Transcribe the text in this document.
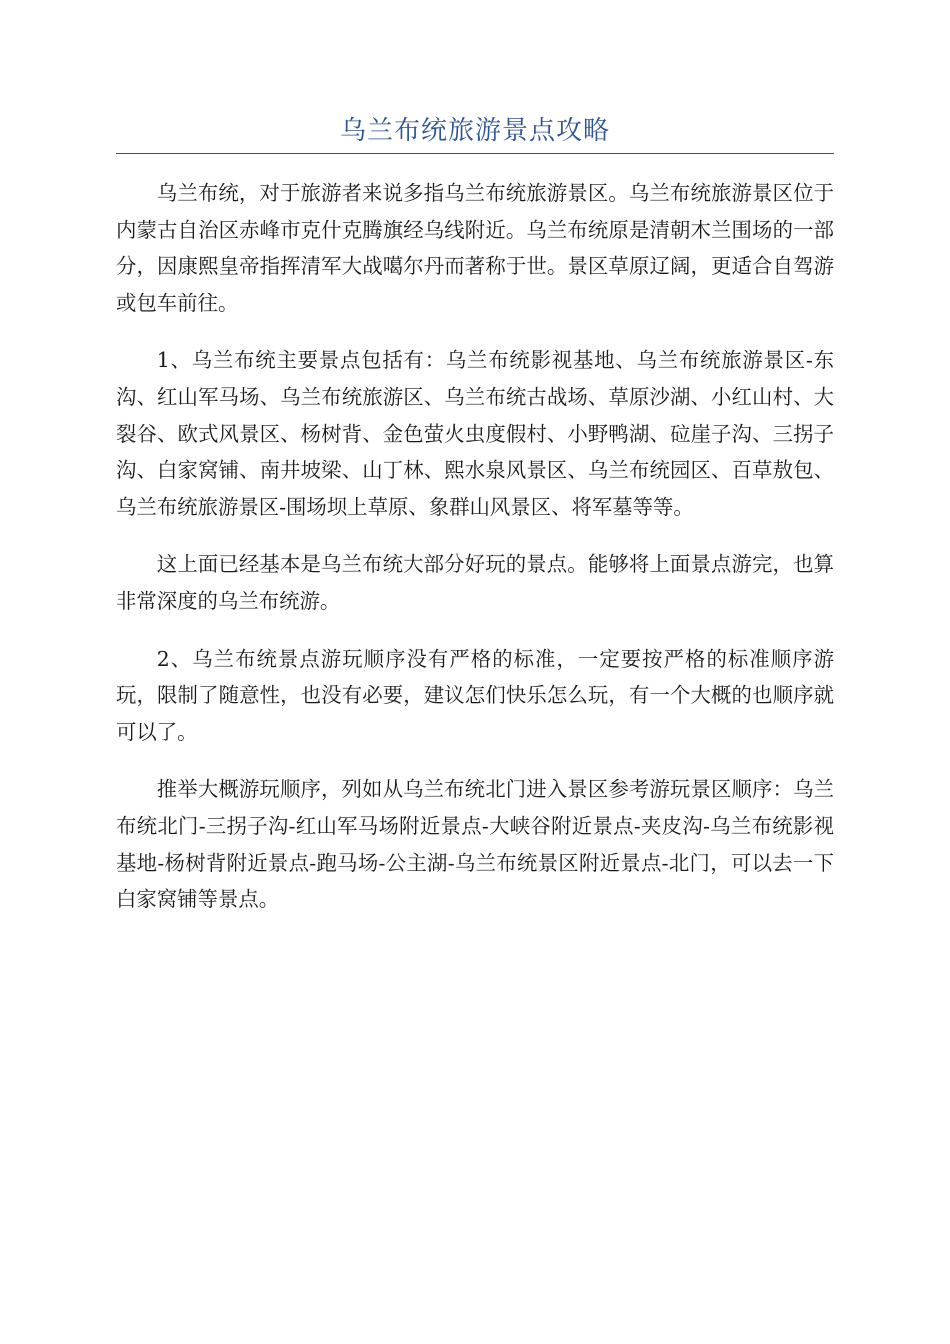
乌兰布统旅游景点攻略

乌兰布统，对于旅游者来说多指乌兰布统旅游景区。乌兰布统旅游景区位于内蒙古自治区赤峰市克什克腾旗经乌线附近。乌兰布统原是清朝木兰围场的一部分，因康熙皇帝指挥清军大战噶尔丹而著称于世。景区草原辽阔，更适合自驾游或包车前往。

1、乌兰布统主要景点包括有：乌兰布统影视基地、乌兰布统旅游景区-东沟、红山军马场、乌兰布统旅游区、乌兰布统古战场、草原沙湖、小红山村、大裂谷、欧式风景区、杨树背、金色萤火虫度假村、小野鸭湖、砬崖子沟、三拐子沟、白家窝铺、南井坡梁、山丁林、熙水泉风景区、乌兰布统园区、百草敖包、乌兰布统旅游景区-围场坝上草原、象群山风景区、将军墓等等。

这上面已经基本是乌兰布统大部分好玩的景点。能够将上面景点游完，也算非常深度的乌兰布统游。

2、乌兰布统景点游玩顺序没有严格的标准，一定要按严格的标准顺序游玩，限制了随意性，也没有必要，建议怎们快乐怎么玩，有一个大概的也顺序就可以了。

推举大概游玩顺序，列如从乌兰布统北门进入景区参考游玩景区顺序：乌兰布统北门-三拐子沟-红山军马场附近景点-大峡谷附近景点-夹皮沟-乌兰布统影视基地-杨树背附近景点-跑马场-公主湖-乌兰布统景区附近景点-北门，可以去一下白家窝铺等景点。
